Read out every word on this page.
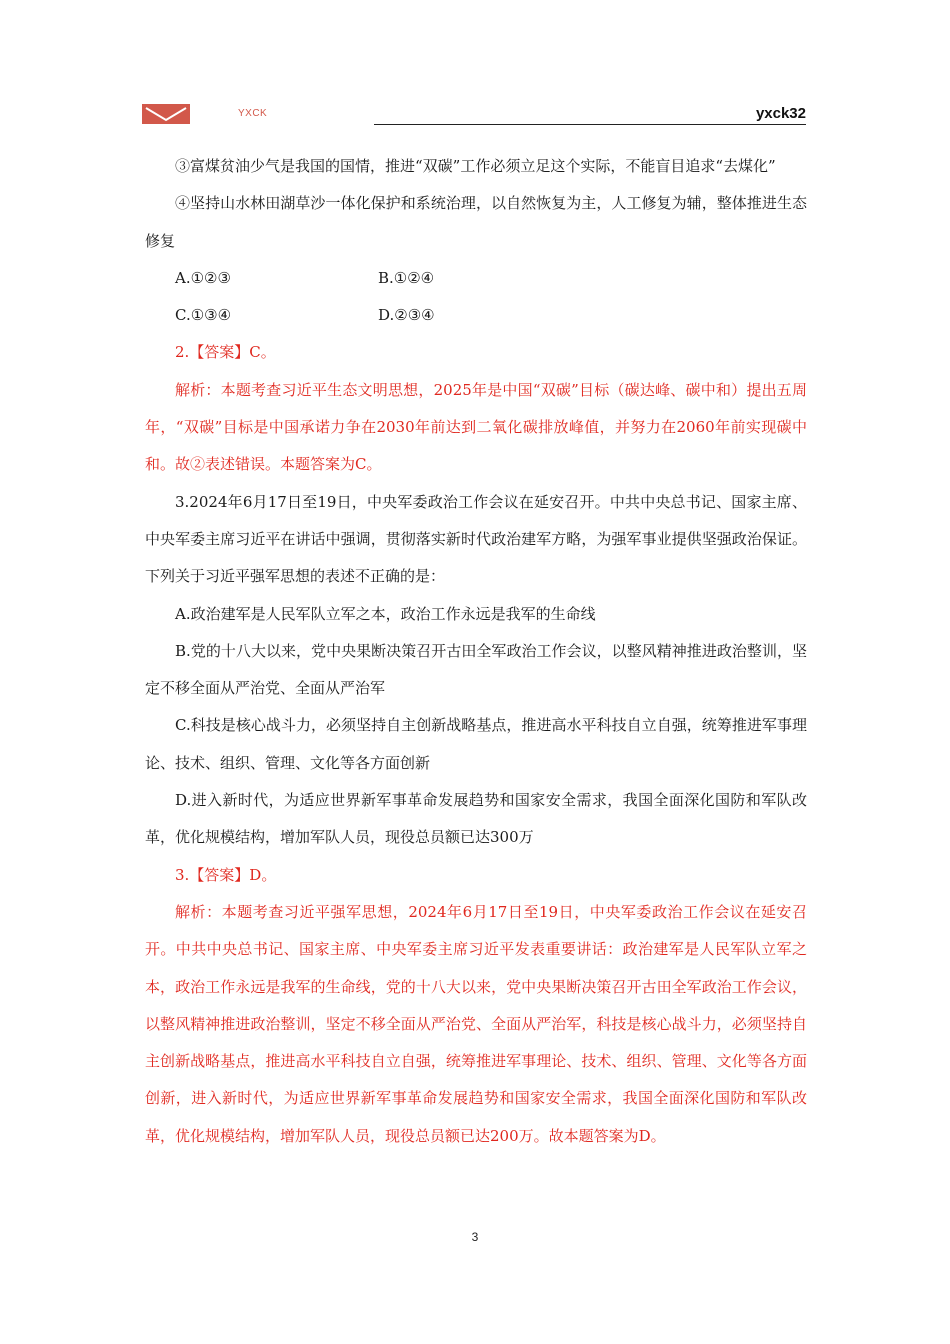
YXCK	yxck32

③富煤贫油少气是我国的国情，推进“双碳”工作必须立足这个实际，不能盲目追求“去煤化”

④坚持山水林田湖草沙一体化保护和系统治理，以自然恢复为主，人工修复为辅，整体推进生态修复

A.①②③	B.①②④
C.①③④	D.②③④

2.【答案】C。

解析：本题考查习近平生态文明思想，2025年是中国“双碳”目标（碳达峰、碳中和）提出五周年，“双碳”目标是中国承诺力争在2030年前达到二氧化碳排放峰值，并努力在2060年前实现碳中和。故②表述错误。本题答案为C。

3.2024年6月17日至19日，中央军委政治工作会议在延安召开。中共中央总书记、国家主席、中央军委主席习近平在讲话中强调，贯彻落实新时代政治建军方略，为强军事业提供坚强政治保证。下列关于习近平强军思想的表述不正确的是：

A.政治建军是人民军队立军之本，政治工作永远是我军的生命线

B.党的十八大以来，党中央果断决策召开古田全军政治工作会议，以整风精神推进政治整训，坚定不移全面从严治党、全面从严治军

C.科技是核心战斗力，必须坚持自主创新战略基点，推进高水平科技自立自强，统筹推进军事理论、技术、组织、管理、文化等各方面创新

D.进入新时代，为适应世界新军事革命发展趋势和国家安全需求，我国全面深化国防和军队改革，优化规模结构，增加军队人员，现役总员额已达300万

3.【答案】D。

解析：本题考查习近平强军思想，2024年6月17日至19日，中央军委政治工作会议在延安召开。中共中央总书记、国家主席、中央军委主席习近平发表重要讲话：政治建军是人民军队立军之本，政治工作永远是我军的生命线，党的十八大以来，党中央果断决策召开古田全军政治工作会议，以整风精神推进政治整训，坚定不移全面从严治党、全面从严治军，科技是核心战斗力，必须坚持自主创新战略基点，推进高水平科技自立自强，统筹推进军事理论、技术、组织、管理、文化等各方面创新，进入新时代，为适应世界新军事革命发展趋势和国家安全需求，我国全面深化国防和军队改革，优化规模结构，增加军队人员，现役总员额已达200万。故本题答案为D。

3
